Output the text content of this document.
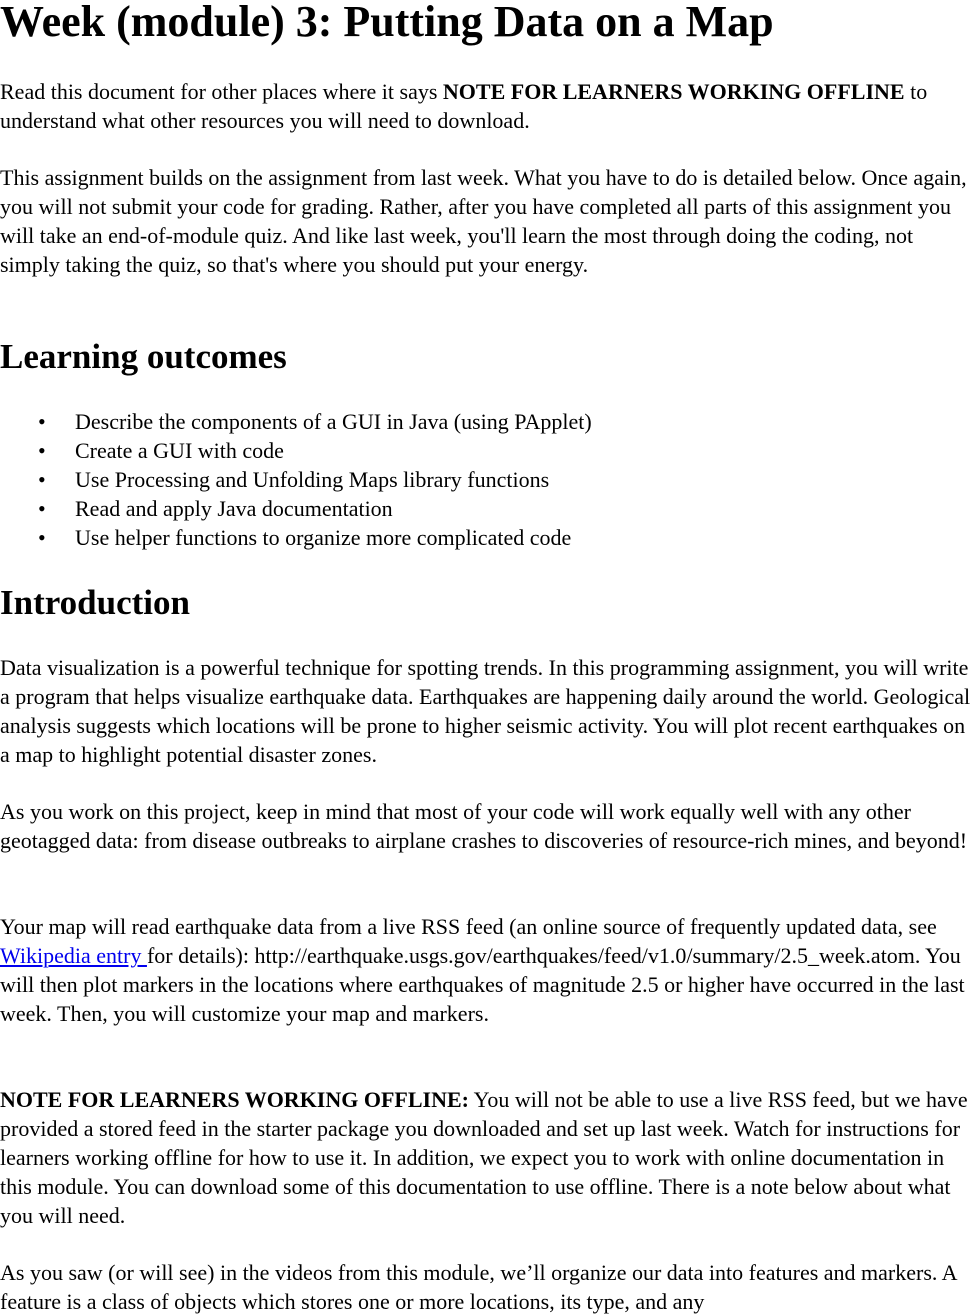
Week (module) 3: Putting Data on a Map

Read this document for other places where it says NOTE FOR LEARNERS WORKING OFFLINE to understand what other resources you will need to download.

This assignment builds on the assignment from last week. What you have to do is detailed below. Once again, you will not submit your code for grading. Rather, after you have completed all parts of this assignment you will take an end-of-module quiz. And like last week, you'll learn the most through doing the coding, not simply taking the quiz, so that's where you should put your energy.

Learning outcomes
• Describe the components of a GUI in Java (using PApplet)
• Create a GUI with code
• Use Processing and Unfolding Maps library functions
• Read and apply Java documentation
• Use helper functions to organize more complicated code
Introduction

Data visualization is a powerful technique for spotting trends. In this programming assignment, you will write a program that helps visualize earthquake data. Earthquakes are happening daily around the world. Geological analysis suggests which locations will be prone to higher seismic activity. You will plot recent earthquakes on a map to highlight potential disaster zones.

As you work on this project, keep in mind that most of your code will work equally well with any other geotagged data: from disease outbreaks to airplane crashes to discoveries of resource-rich mines, and beyond!

Your map will read earthquake data from a live RSS feed (an online source of frequently updated data, see Wikipedia entry for details): http://earthquake.usgs.gov/earthquakes/feed/v1.0/summary/2.5_week.atom. You will then plot markers in the locations where earthquakes of magnitude 2.5 or higher have occurred in the last week. Then, you will customize your map and markers.

NOTE FOR LEARNERS WORKING OFFLINE: You will not be able to use a live RSS feed, but we have provided a stored feed in the starter package you downloaded and set up last week. Watch for instructions for learners working offline for how to use it. In addition, we expect you to work with online documentation in this module. You can download some of this documentation to use offline. There is a note below about what you will need.

As you saw (or will see) in the videos from this module, we’ll organize our data into features and markers. A feature is a class of objects which stores one or more locations, its type, and any
